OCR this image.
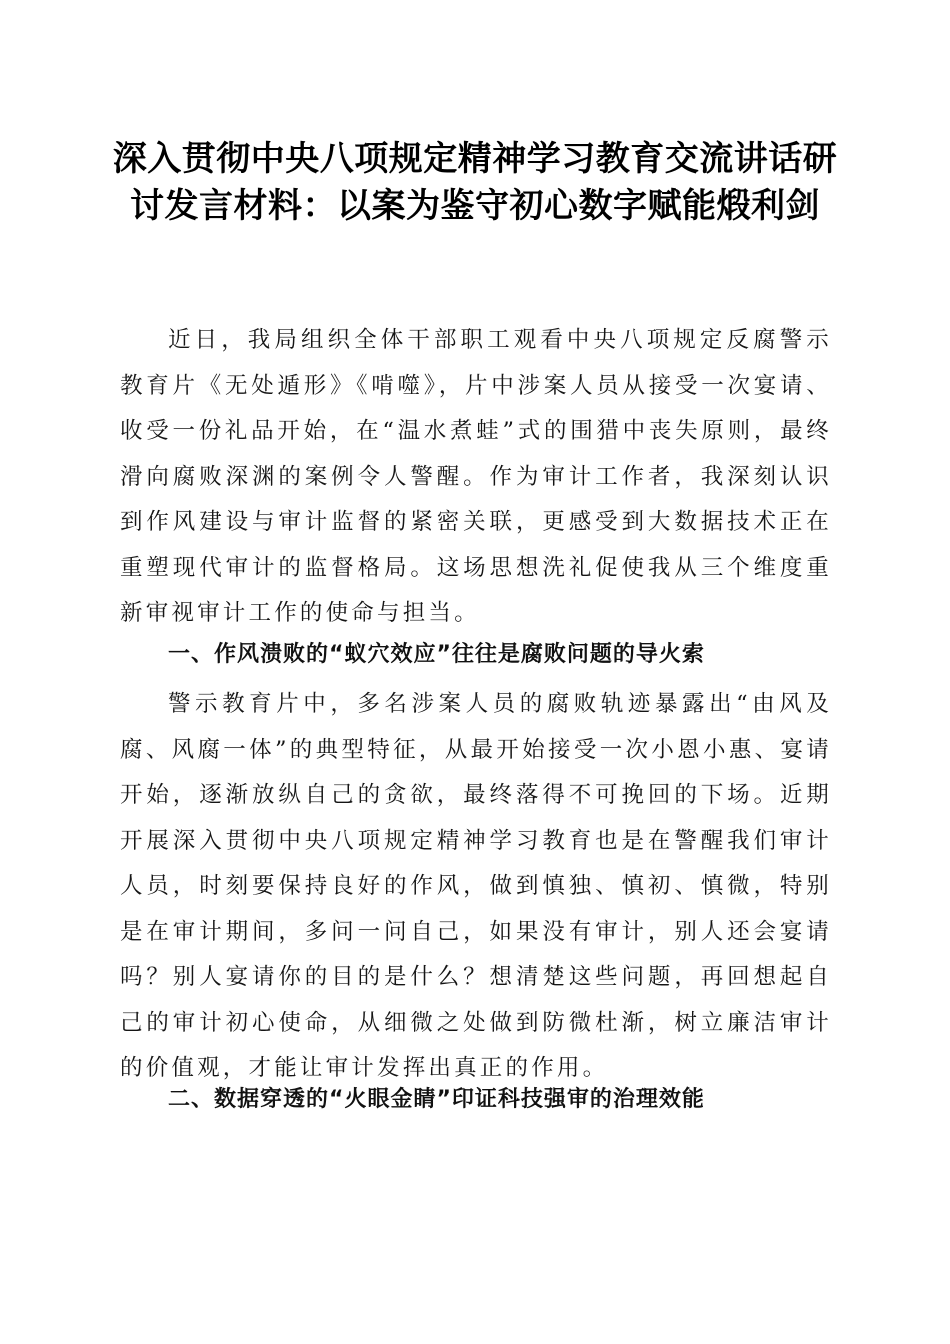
深入贯彻中央八项规定精神学习教育交流讲话研讨发言材料：以案为鉴守初心数字赋能煅利剑

近日，我局组织全体干部职工观看中央八项规定反腐警示教育片《无处遁形》《啃噬》，片中涉案人员从接受一次宴请、收受一份礼品开始，在“温水煮蛙”式的围猎中丧失原则，最终滑向腐败深渊的案例令人警醒。作为审计工作者，我深刻认识到作风建设与审计监督的紧密关联，更感受到大数据技术正在重塑现代审计的监督格局。这场思想洗礼促使我从三个维度重新审视审计工作的使命与担当。

一、作风溃败的“蚁穴效应”往往是腐败问题的导火索

警示教育片中，多名涉案人员的腐败轨迹暴露出“由风及腐、风腐一体”的典型特征，从最开始接受一次小恩小惠、宴请开始，逐渐放纵自己的贪欲，最终落得不可挽回的下场。近期开展深入贯彻中央八项规定精神学习教育也是在警醒我们审计人员，时刻要保持良好的作风，做到慎独、慎初、慎微，特别是在审计期间，多问一问自己，如果没有审计，别人还会宴请吗？别人宴请你的目的是什么？想清楚这些问题，再回想起自己的审计初心使命，从细微之处做到防微杜渐，树立廉洁审计的价值观，才能让审计发挥出真正的作用。

二、数据穿透的“火眼金睛”印证科技强审的治理效能
